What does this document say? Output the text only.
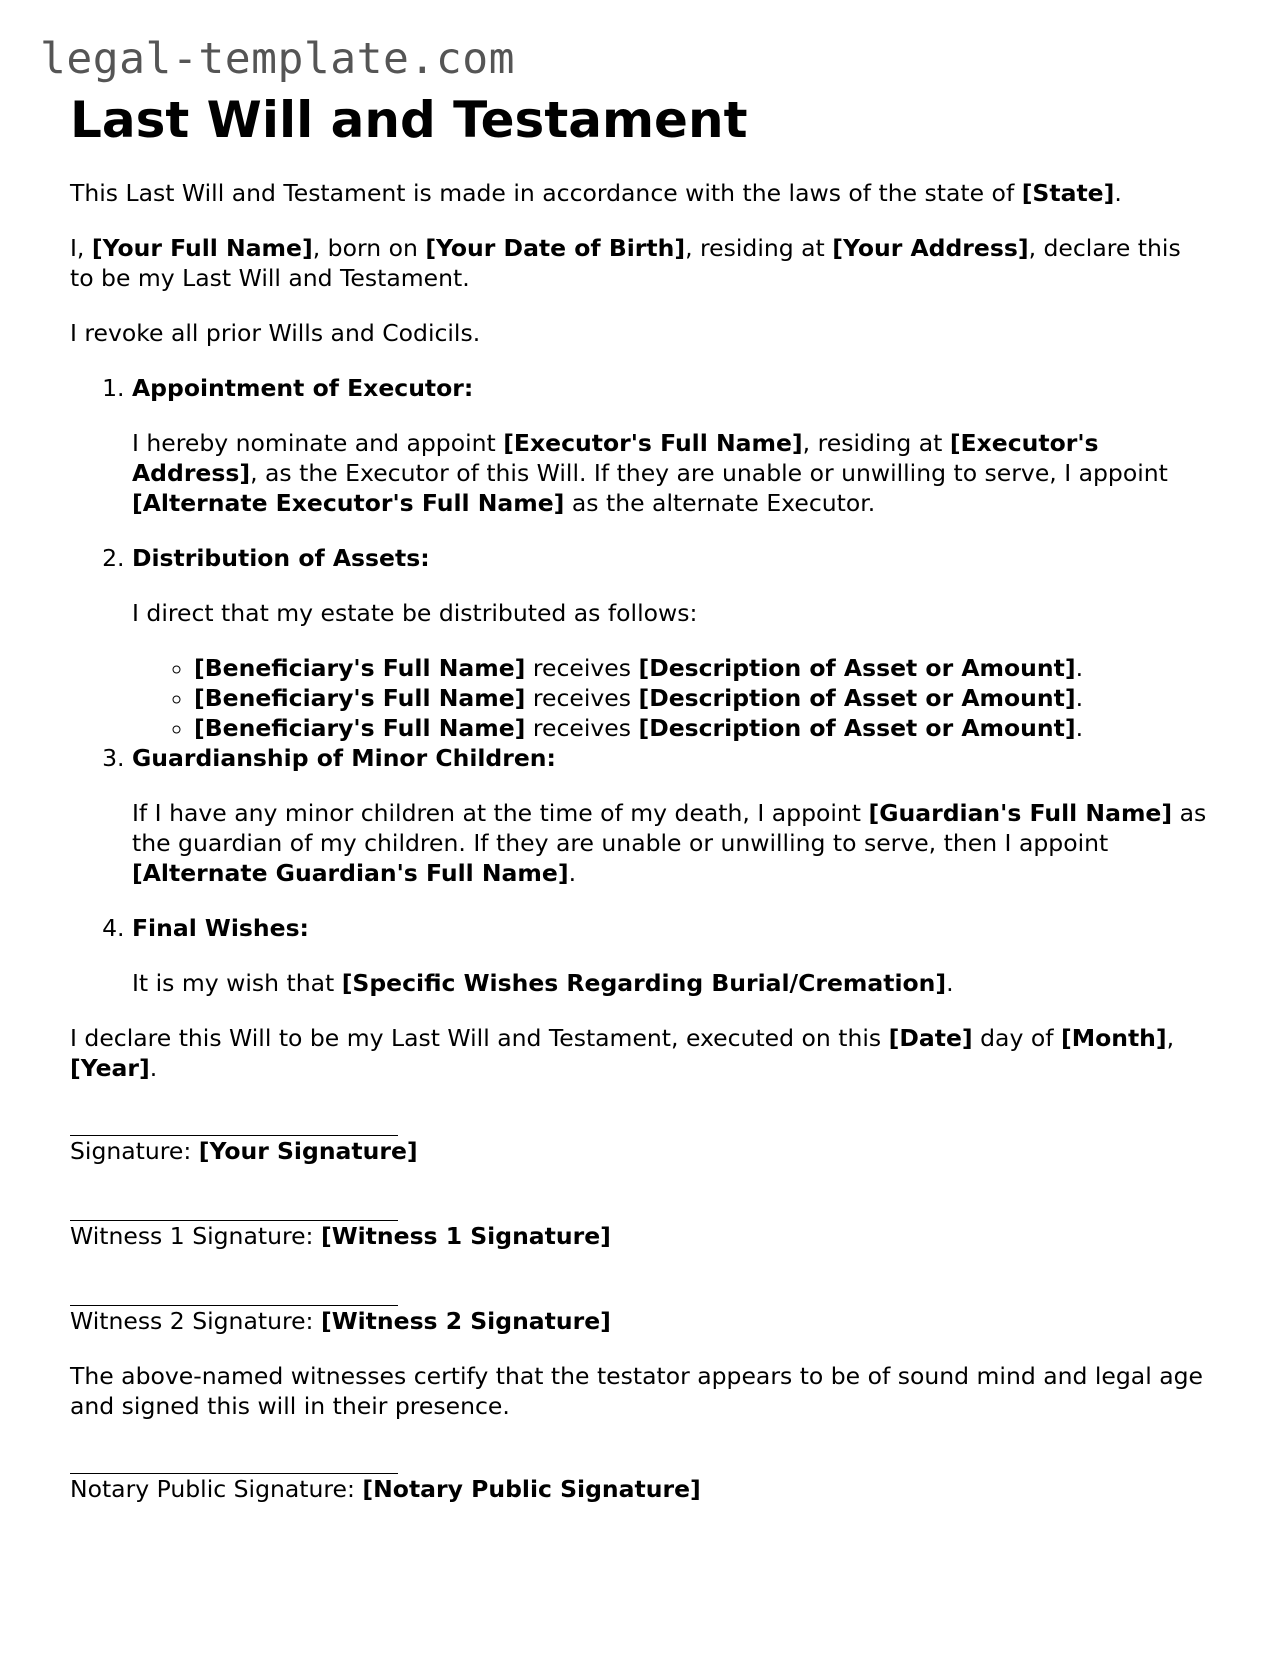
legal-template.com
Last Will and Testament

This Last Will and Testament is made in accordance with the laws of the state of [State].

I, [Your Full Name], born on [Your Date of Birth], residing at [Your Address], declare this to be my Last Will and Testament.

I revoke all prior Wills and Codicils.

1. Appointment of Executor:

I hereby nominate and appoint [Executor's Full Name], residing at [Executor's Address], as the Executor of this Will. If they are unable or unwilling to serve, I appoint [Alternate Executor's Full Name] as the alternate Executor.

2. Distribution of Assets:

I direct that my estate be distributed as follows:

◦ [Beneficiary's Full Name] receives [Description of Asset or Amount].
◦ [Beneficiary's Full Name] receives [Description of Asset or Amount].
◦ [Beneficiary's Full Name] receives [Description of Asset or Amount].
3. Guardianship of Minor Children:

If I have any minor children at the time of my death, I appoint [Guardian's Full Name] as the guardian of my children. If they are unable or unwilling to serve, then I appoint [Alternate Guardian's Full Name].

4. Final Wishes:

It is my wish that [Specific Wishes Regarding Burial/Cremation].

I declare this Will to be my Last Will and Testament, executed on this [Date] day of [Month], [Year].

Signature: [Your Signature]
Witness 1 Signature: [Witness 1 Signature]
Witness 2 Signature: [Witness 2 Signature]

The above-named witnesses certify that the testator appears to be of sound mind and legal age and signed this will in their presence.

Notary Public Signature: [Notary Public Signature]
